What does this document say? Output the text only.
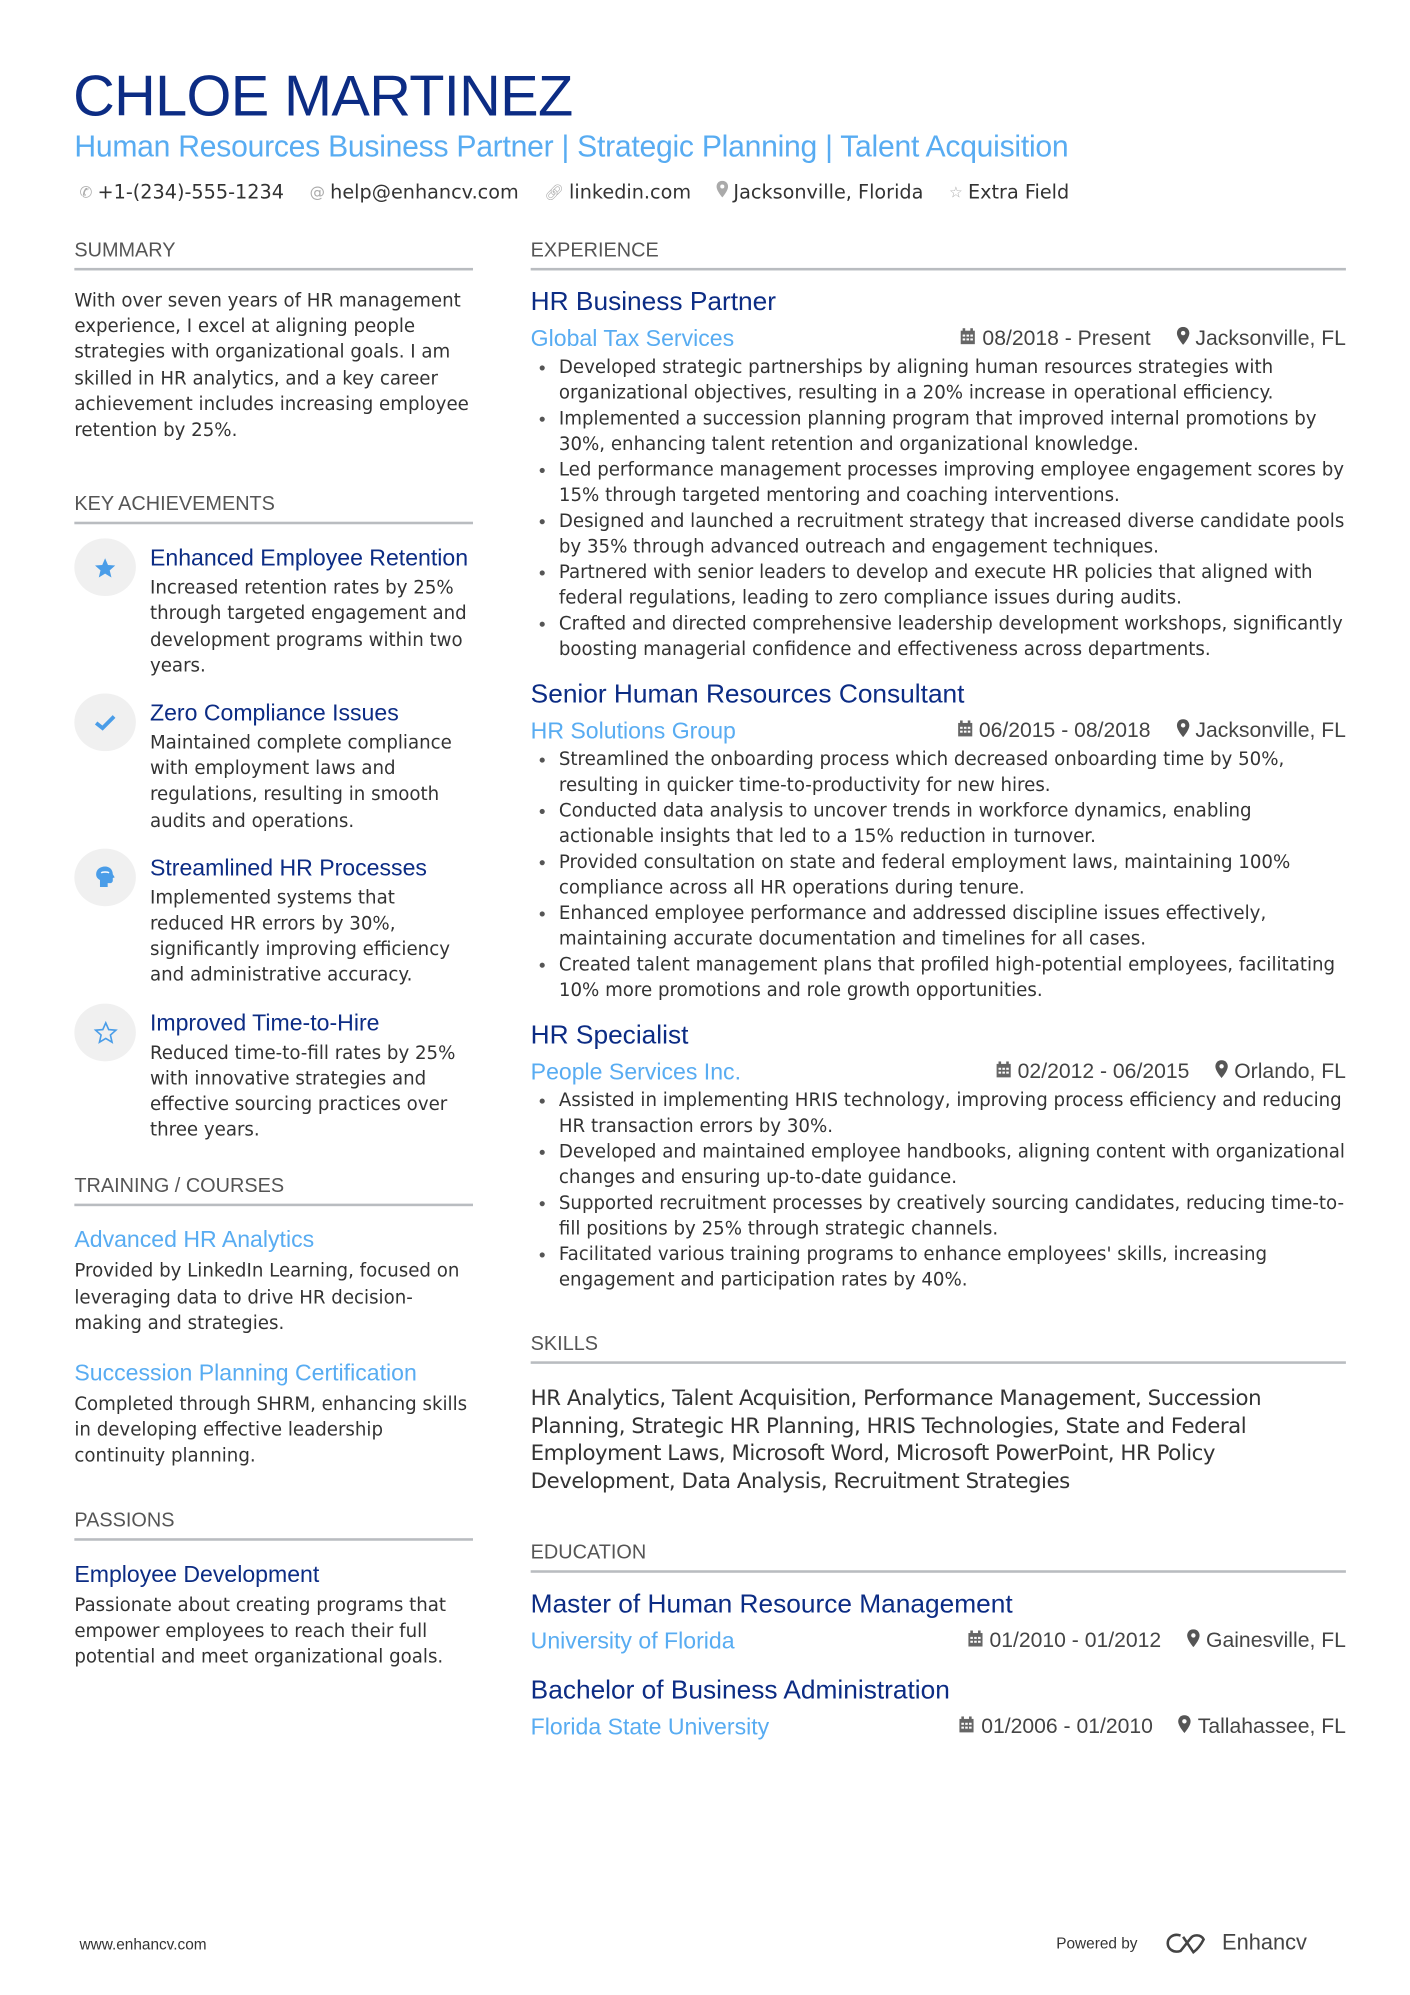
CHLOE MARTINEZ
Human Resources Business Partner | Strategic Planning | Talent Acquisition
✆ +1-(234)-555-1234 @ help@enhancv.com 🔗︎ linkedin.com	Jacksonville, Florida ☆ Extra Field
SUMMARY
With over seven years of HR management experience, I excel at aligning people strategies with organizational goals. I am skilled in HR analytics, and a key career achievement includes increasing employee retention by 25%.
KEY ACHIEVEMENTS
Enhanced Employee Retention
Increased retention rates by 25% through targeted engagement and development programs within two years.
Zero Compliance Issues
Maintained complete compliance with employment laws and regulations, resulting in smooth audits and operations.
Streamlined HR Processes
Implemented systems that reduced HR errors by 30%, significantly improving efficiency and administrative accuracy.
Improved Time-to-Hire
Reduced time-to-fill rates by 25% with innovative strategies and effective sourcing practices over three years.
TRAINING / COURSES
Advanced HR Analytics
Provided by LinkedIn Learning, focused on leveraging data to drive HR decision-making and strategies.
Succession Planning Certification
Completed through SHRM, enhancing skills in developing effective leadership continuity planning.
PASSIONS
Employee Development
Passionate about creating programs that empower employees to reach their full potential and meet organizational goals.
EXPERIENCE
HR Business Partner
Global Tax Services	08/2018 - Present	Jacksonville, FL
• Developed strategic partnerships by aligning human resources strategies with organizational objectives, resulting in a 20% increase in operational efficiency.
• Implemented a succession planning program that improved internal promotions by 30%, enhancing talent retention and organizational knowledge.
• Led performance management processes improving employee engagement scores by 15% through targeted mentoring and coaching interventions.
• Designed and launched a recruitment strategy that increased diverse candidate pools by 35% through advanced outreach and engagement techniques.
• Partnered with senior leaders to develop and execute HR policies that aligned with federal regulations, leading to zero compliance issues during audits.
• Crafted and directed comprehensive leadership development workshops, significantly boosting managerial confidence and effectiveness across departments.
Senior Human Resources Consultant
HR Solutions Group	06/2015 - 08/2018	Jacksonville, FL
• Streamlined the onboarding process which decreased onboarding time by 50%, resulting in quicker time-to-productivity for new hires.
• Conducted data analysis to uncover trends in workforce dynamics, enabling actionable insights that led to a 15% reduction in turnover.
• Provided consultation on state and federal employment laws, maintaining 100% compliance across all HR operations during tenure.
• Enhanced employee performance and addressed discipline issues effectively, maintaining accurate documentation and timelines for all cases.
• Created talent management plans that profiled high-potential employees, facilitating 10% more promotions and role growth opportunities.
HR Specialist
People Services Inc.	02/2012 - 06/2015	Orlando, FL
• Assisted in implementing HRIS technology, improving process efficiency and reducing HR transaction errors by 30%.
• Developed and maintained employee handbooks, aligning content with organizational changes and ensuring up-to-date guidance.
• Supported recruitment processes by creatively sourcing candidates, reducing time-to-fill positions by 25% through strategic channels.
• Facilitated various training programs to enhance employees' skills, increasing engagement and participation rates by 40%.
SKILLS
HR Analytics, Talent Acquisition, Performance Management, Succession Planning, Strategic HR Planning, HRIS Technologies, State and Federal Employment Laws, Microsoft Word, Microsoft PowerPoint, HR Policy Development, Data Analysis, Recruitment Strategies
EDUCATION
Master of Human Resource Management
University of Florida	01/2010 - 01/2012	Gainesville, FL
Bachelor of Business Administration
Florida State University	01/2006 - 01/2010	Tallahassee, FL
www.enhancv.com	Powered by	Enhancv
